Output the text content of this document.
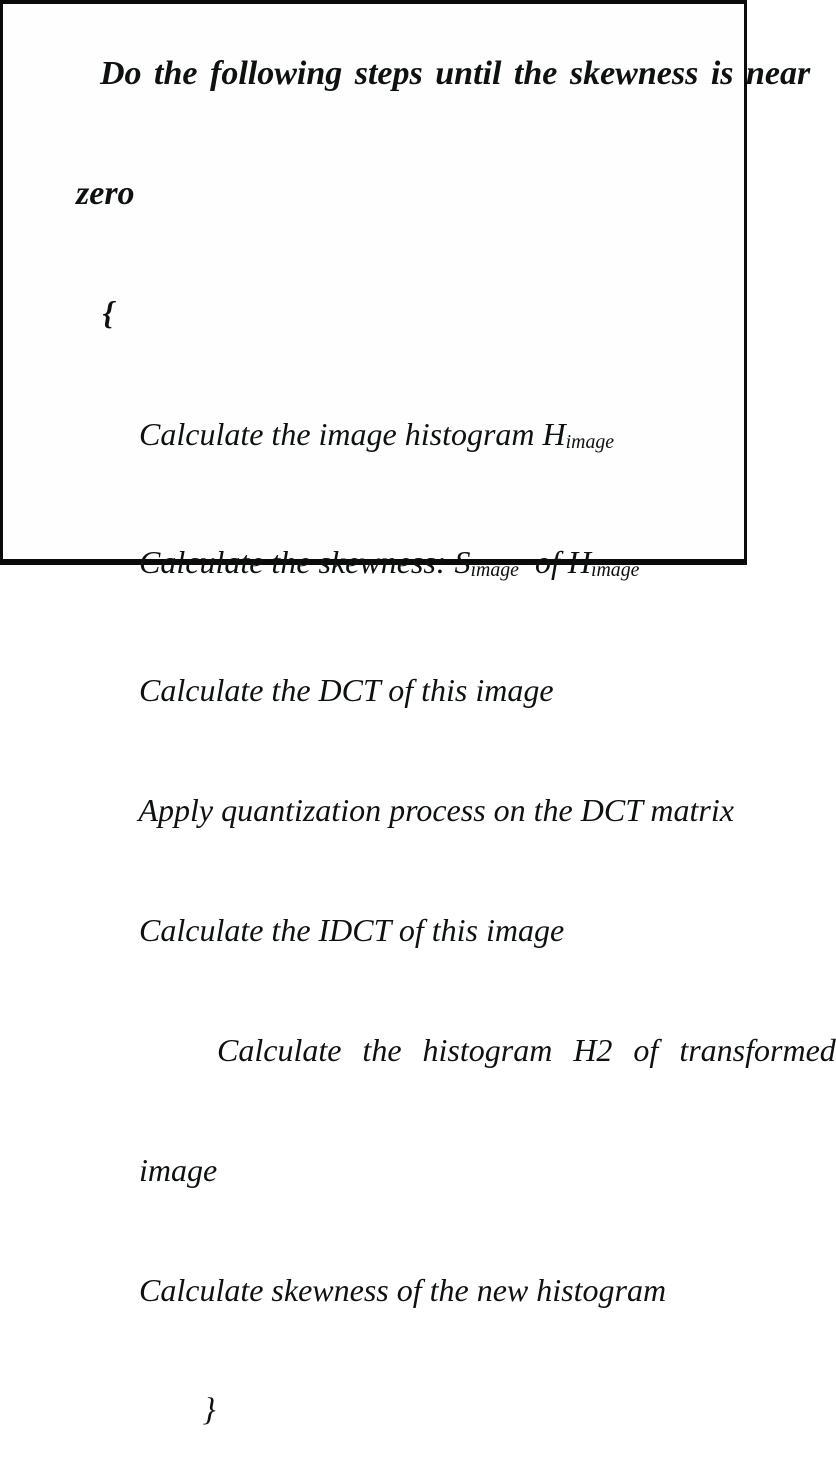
Do the following steps until the skewness is near

zero

{

Calculate the image histogram Himage

Calculate the skewness: Simage  of Himage

Calculate the DCT of this image

Apply quantization process on the DCT matrix

Calculate the IDCT of this image

Calculate the histogram H2 of transformed

image

Calculate skewness of the new histogram

}
